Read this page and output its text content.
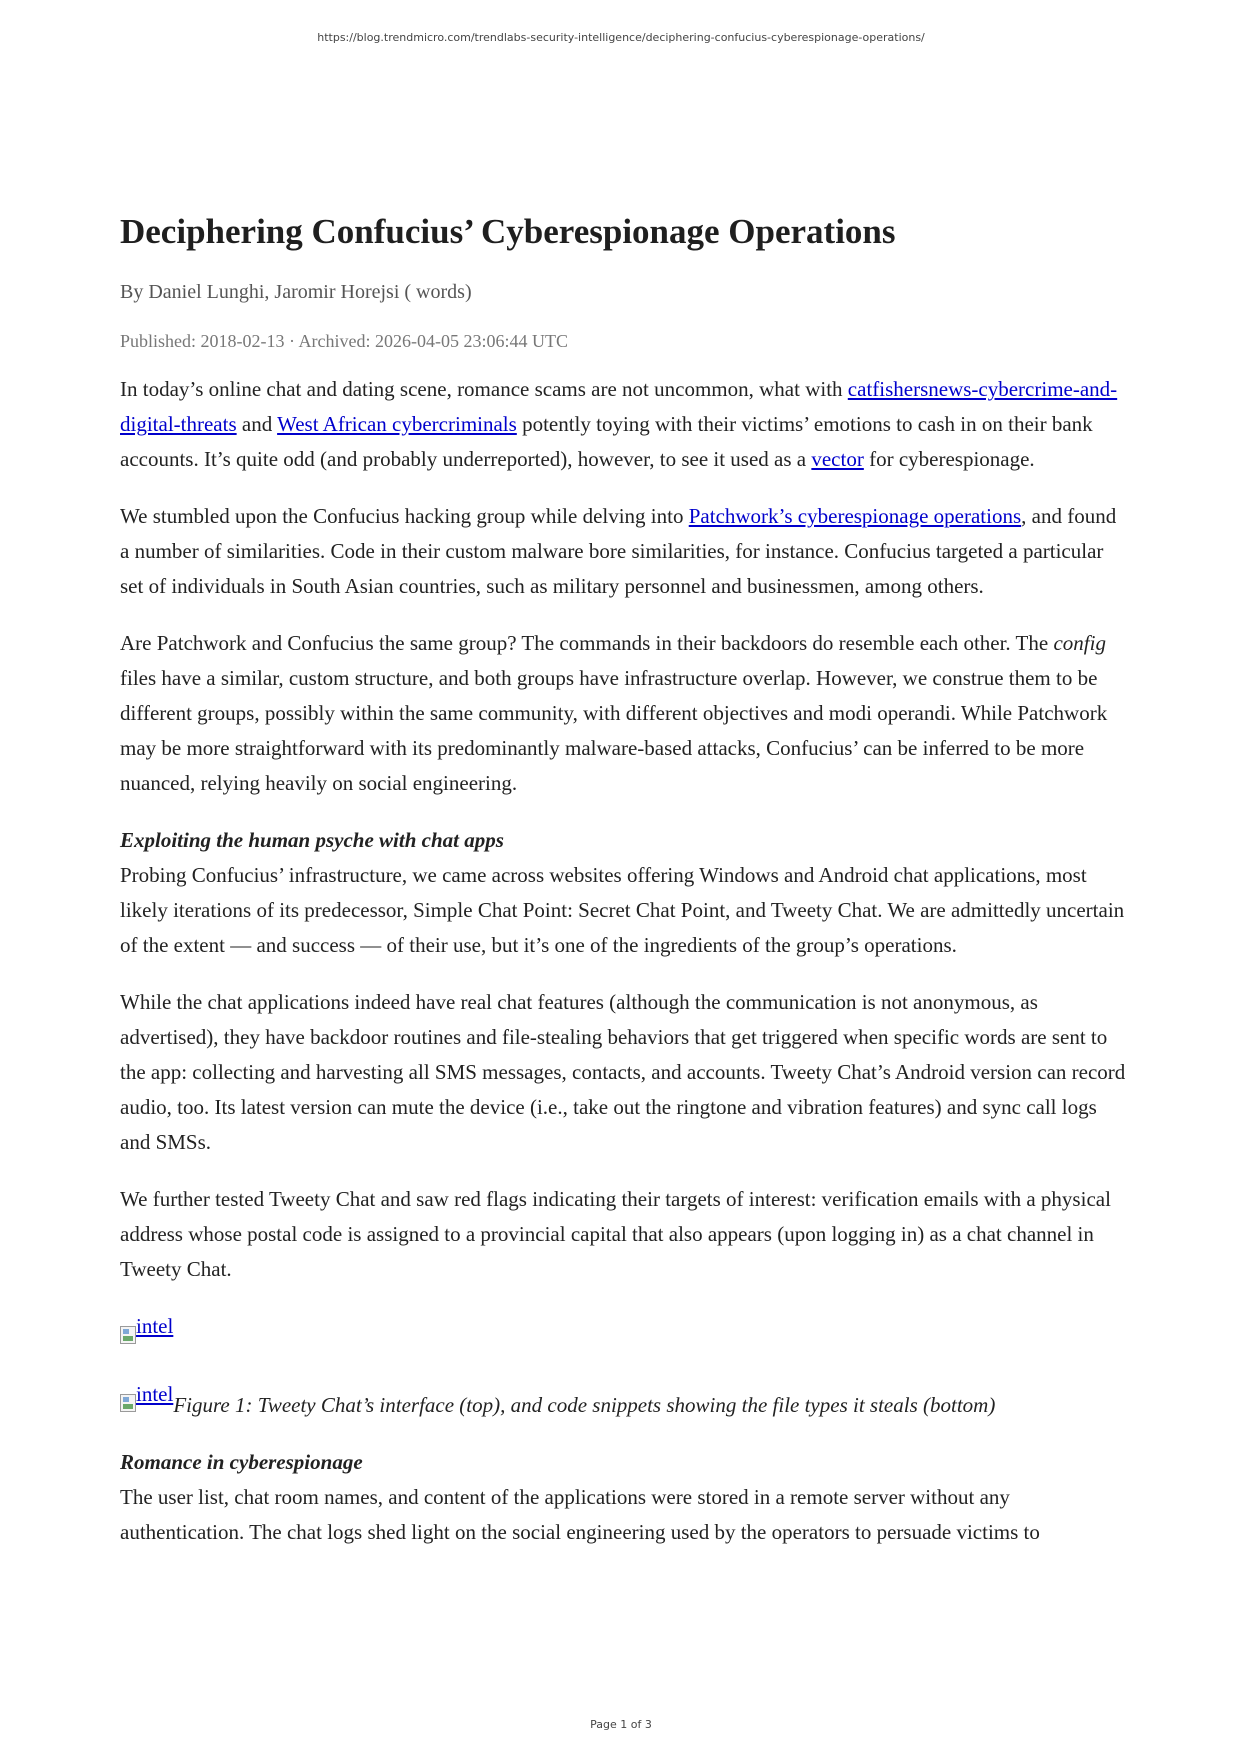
https://blog.trendmicro.com/trendlabs-security-intelligence/deciphering-confucius-cyberespionage-operations/
Deciphering Confucius’ Cyberespionage Operations
By Daniel Lunghi, Jaromir Horejsi ( words)
Published: 2018-02-13 · Archived: 2026-04-05 23:06:44 UTC

In today’s online chat and dating scene, romance scams are not uncommon, what with catfishersnews-cybercrime-and-digital-threats and West African cybercriminals potently toying with their victims’ emotions to cash in on their bank accounts. It’s quite odd (and probably underreported), however, to see it used as a vector for cyberespionage.

We stumbled upon the Confucius hacking group while delving into Patchwork’s cyberespionage operations, and found a number of similarities. Code in their custom malware bore similarities, for instance. Confucius targeted a particular set of individuals in South Asian countries, such as military personnel and businessmen, among others.

Are Patchwork and Confucius the same group? The commands in their backdoors do resemble each other. The config files have a similar, custom structure, and both groups have infrastructure overlap. However, we construe them to be different groups, possibly within the same community, with different objectives and modi operandi. While Patchwork may be more straightforward with its predominantly malware-based attacks, Confucius’ can be inferred to be more nuanced, relying heavily on social engineering.

Exploiting the human psyche with chat apps

Probing Confucius’ infrastructure, we came across websites offering Windows and Android chat applications, most likely iterations of its predecessor, Simple Chat Point: Secret Chat Point, and Tweety Chat. We are admittedly uncertain of the extent — and success — of their use, but it’s one of the ingredients of the group’s operations.

While the chat applications indeed have real chat features (although the communication is not anonymous, as advertised), they have backdoor routines and file-stealing behaviors that get triggered when specific words are sent to the app: collecting and harvesting all SMS messages, contacts, and accounts. Tweety Chat’s Android version can record audio, too. Its latest version can mute the device (i.e., take out the ringtone and vibration features) and sync call logs and SMSs.

We further tested Tweety Chat and saw red flags indicating their targets of interest: verification emails with a physical address whose postal code is assigned to a provincial capital that also appears (upon logging in) as a chat channel in Tweety Chat.

intel

intel Figure 1: Tweety Chat’s interface (top), and code snippets showing the file types it steals (bottom)

Romance in cyberespionage

The user list, chat room names, and content of the applications were stored in a remote server without any authentication. The chat logs shed light on the social engineering used by the operators to persuade victims to

Page 1 of 3
